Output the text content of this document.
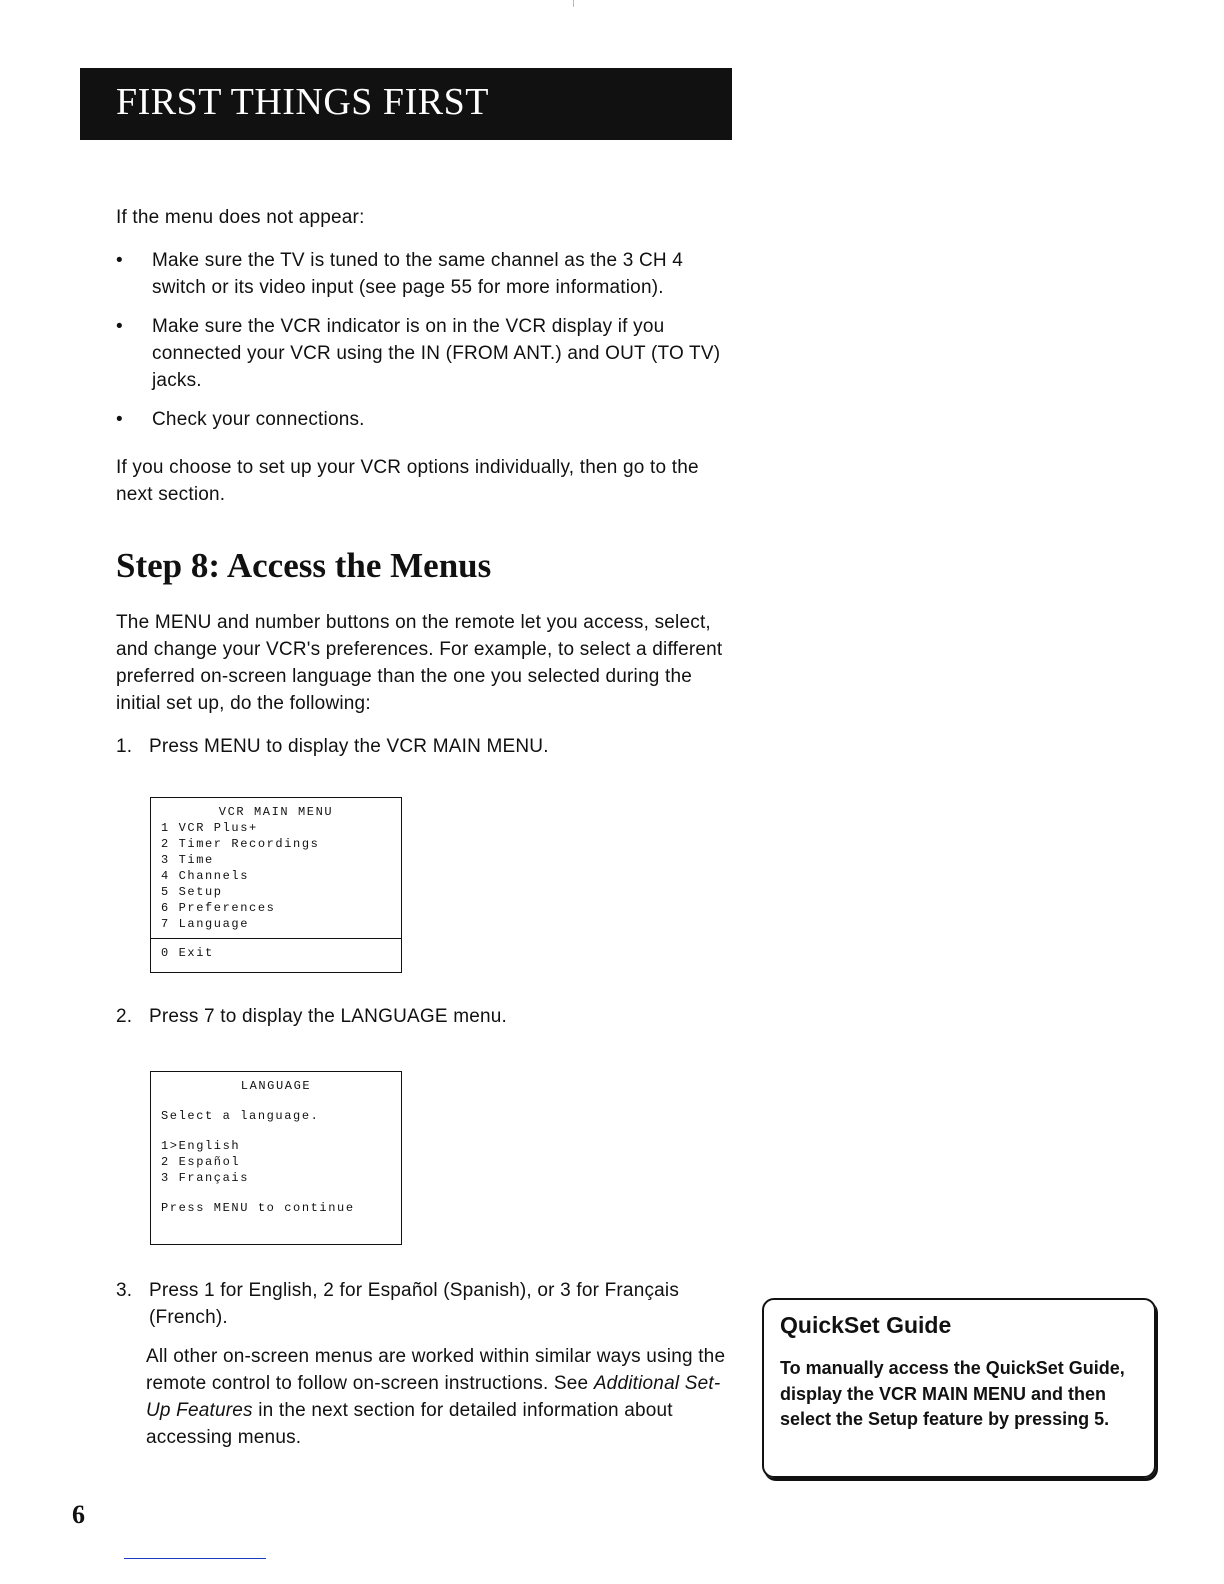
FIRST THINGS FIRST
If the menu does not appear:
•	Make sure the TV is tuned to the same channel as the 3 CH 4 switch or its video input (see page 55 for more information).
•	Make sure the VCR indicator is on in the VCR display if you connected your VCR using the IN (FROM ANT.) and OUT (TO TV) jacks.
•	Check your connections.
If you choose to set up your VCR options individually, then go to the next section.
Step 8: Access the Menus
The MENU and number buttons on the remote let you access, select, and change your VCR's preferences. For example, to select a different preferred on-screen language than the one you selected during the initial set up, do the following:
1. Press MENU to display the VCR MAIN MENU.
VCR MAIN MENU
1 VCR Plus+
2 Timer Recordings
3 Time
4 Channels
5 Setup
6 Preferences
7 Language
0 Exit
2. Press 7 to display the LANGUAGE menu.
LANGUAGE
Select a language.
1>English
2 Español
3 Français
Press MENU to continue
3. Press 1 for English, 2 for Español (Spanish), or 3 for Français (French).
All other on-screen menus are worked within similar ways using the remote control to follow on-screen instructions. See Additional Set-Up Features in the next section for detailed information about accessing menus.
QuickSet Guide
To manually access the QuickSet Guide, display the VCR MAIN MENU and then select the Setup feature by pressing 5.
6
